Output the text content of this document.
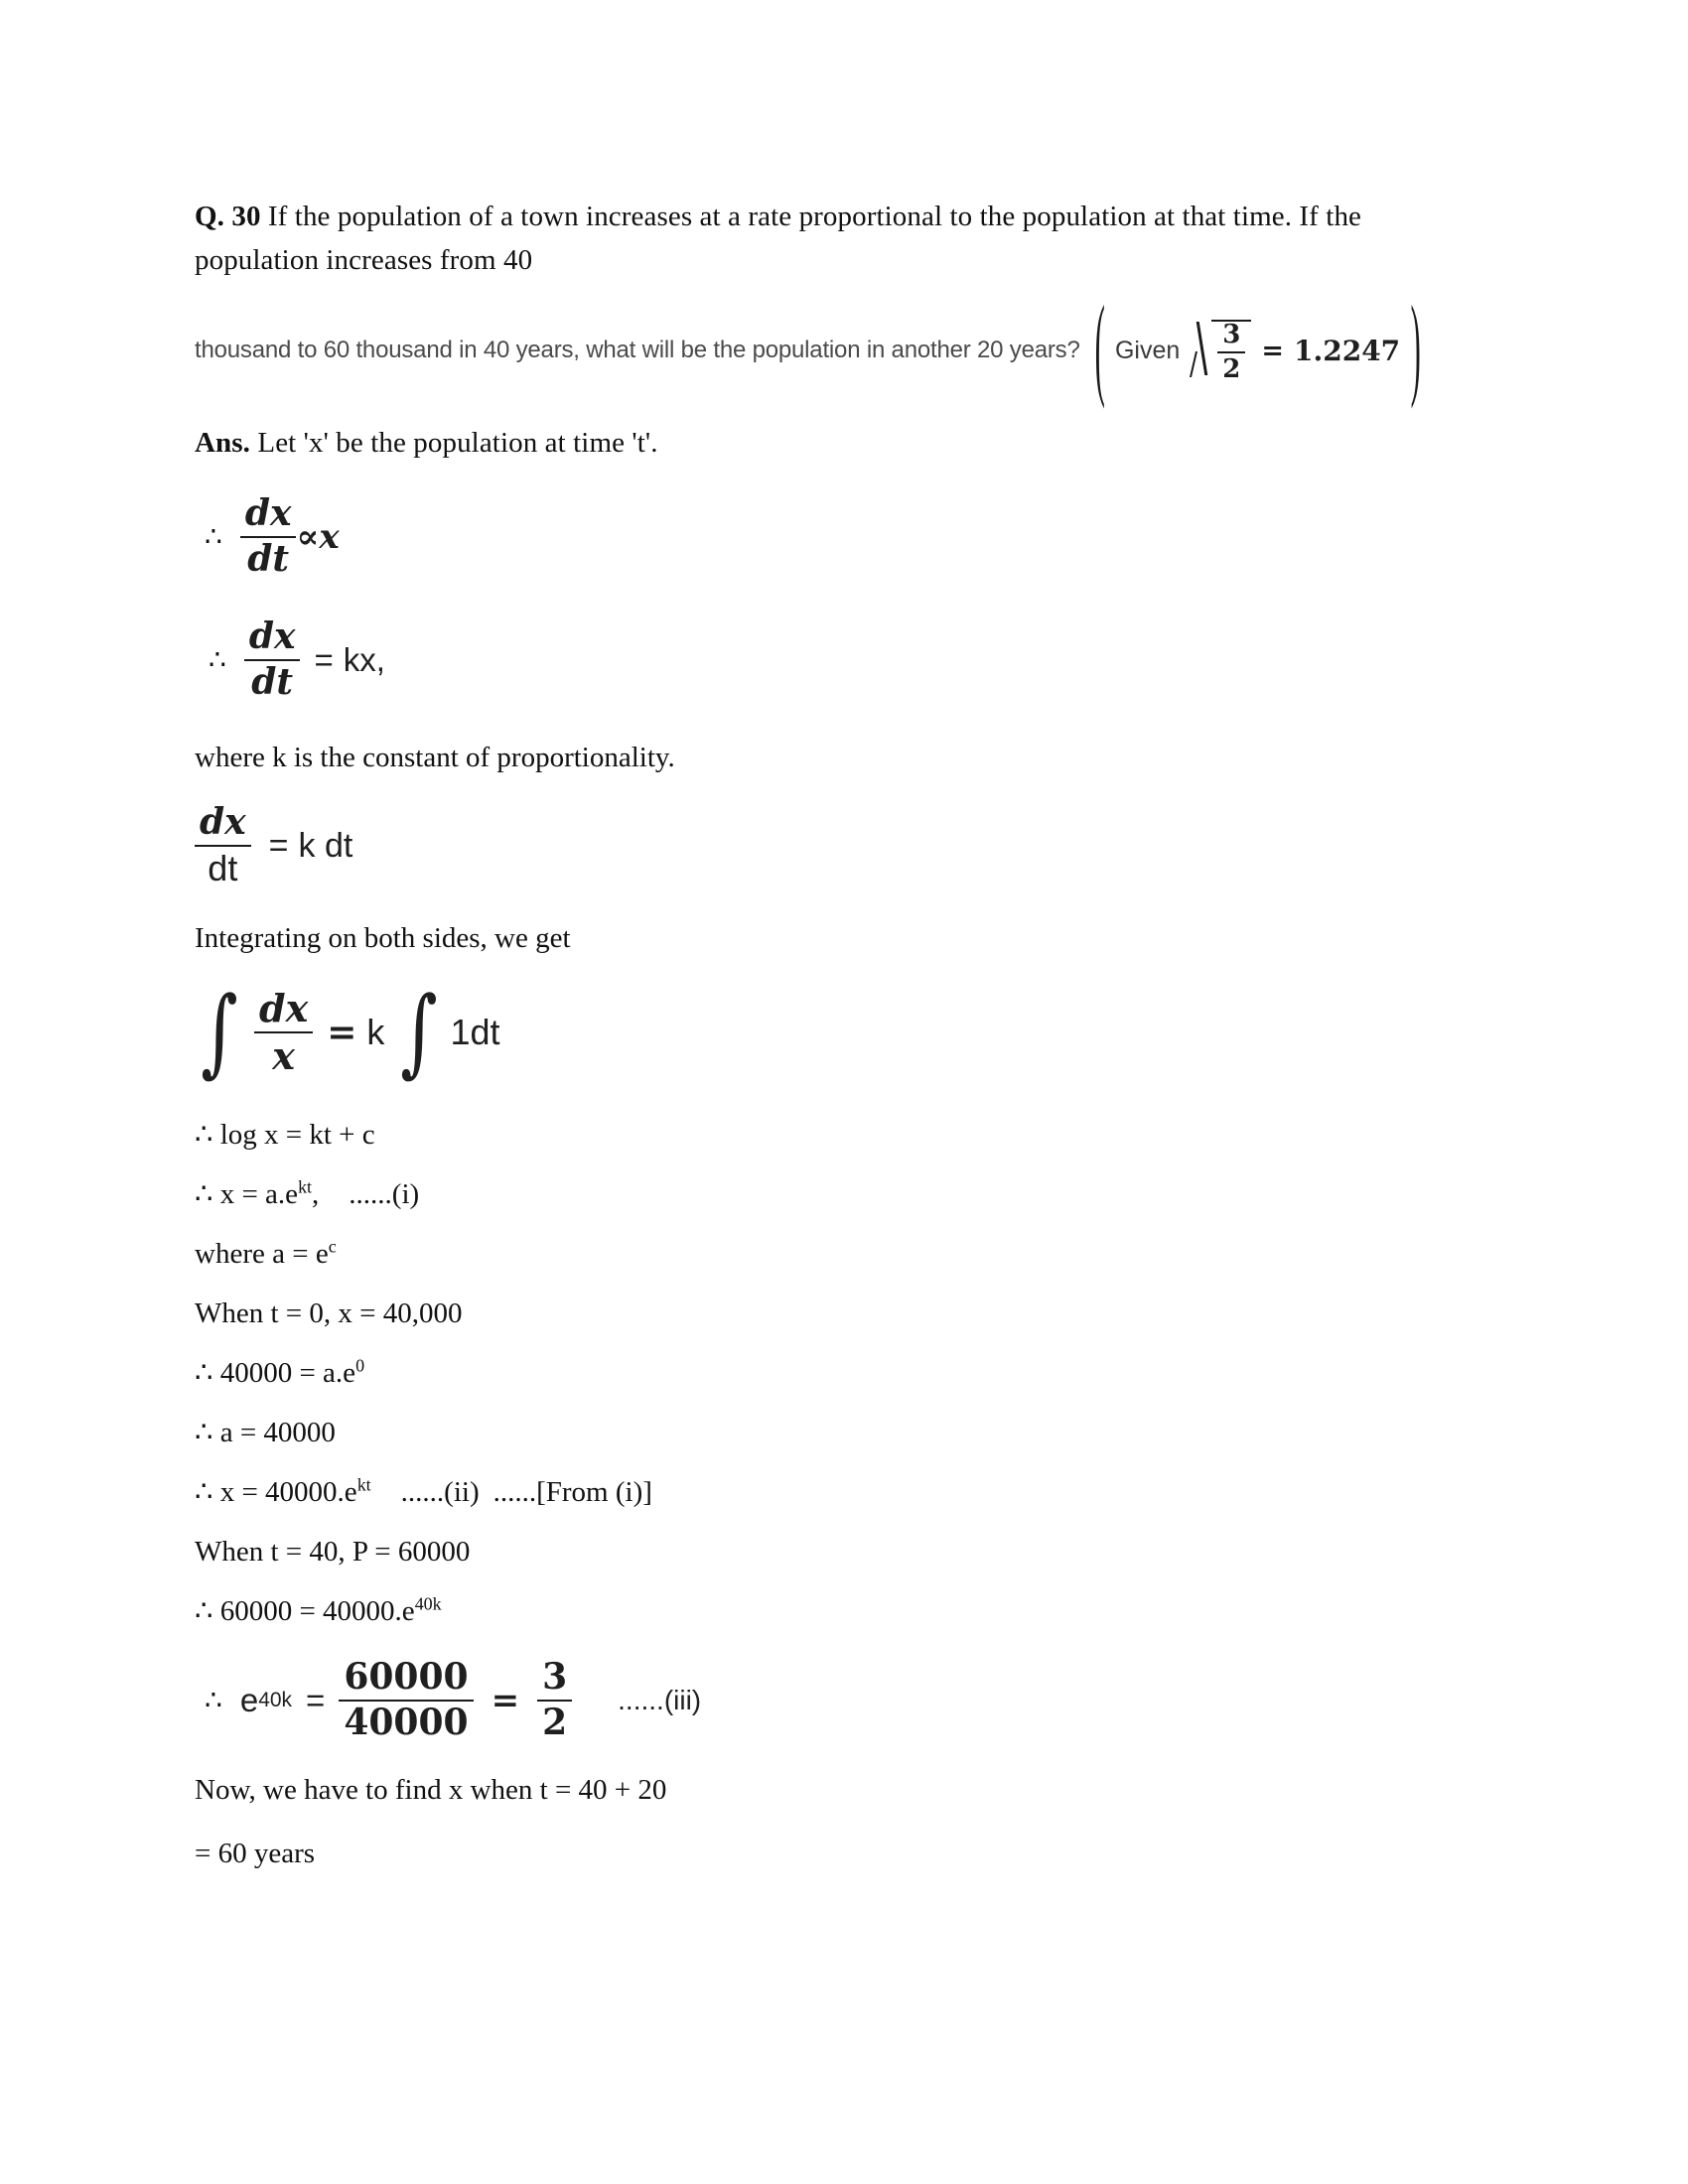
Q. 30 If the population of a town increases at a rate proportional to the population at that time. If the population increases from 40
thousand to 60 thousand in 40 years, what will be the population in another 20 years? ( Given $\frac{3}{2} = 1.2247$ )
Ans. Let 'x' be the population at time 't'.
∴ $\frac{dx}{dt} \propto x$
∴ $\frac{dx}{dt}$ = kx,
where k is the constant of proportionality.
$\frac{dx}{dt} = k$ dt
Integrating on both sides, we get
∫ $\frac{dx}{x} = k$ ∫ 1dt
∴ log x = kt + c
∴ $x = a.e^{kt}$, ......(i)
where $a = e^c$
When t = 0, x = 40,000
∴ $40000 = a.e^0$
∴ a = 40000
∴ $x = 40000.e^{kt}$ ......(ii) ......[From (i)]
When t = 40, P = 60000
∴ $60000 = 40000.e^{40k}$
∴ e $40k = \frac{60000}{40000} = \frac{3}{2} ......(iii)$
Now, we have to find x when t = 40 + 20
= 60 years
